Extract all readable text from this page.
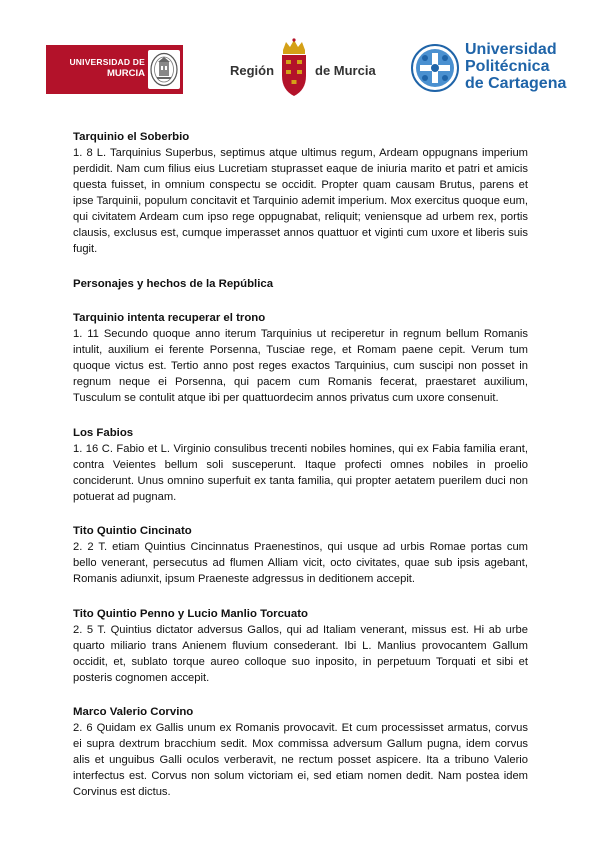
UNIVERSIDAD DE
MURCIA	Región	de Murcia
Universidad
Politécnica
de Cartagena

Tarquinio el Soberbio

1. 8 L. Tarquinius Superbus, septimus atque ultimus regum, Ardeam oppugnans imperium perdidit. Nam cum filius eius Lucretiam stuprasset eaque de iniuria marito et patri et amicis questa fuisset, in omnium conspectu se occidit. Propter quam causam Brutus, parens et ipse Tarquinii, populum concitavit et Tarquinio ademit imperium. Mox exercitus quoque eum, qui civitatem Ardeam cum ipso rege oppugnabat, reliquit; veniensque ad urbem rex, portis clausis, exclusus est, cumque imperasset annos quattuor et viginti cum uxore et liberis suis fugit.

Personajes y hechos de la República

Tarquinio intenta recuperar el trono

1. 11 Secundo quoque anno iterum Tarquinius ut reciperetur in regnum bellum Romanis intulit, auxilium ei ferente Porsenna, Tusciae rege, et Romam paene cepit. Verum tum quoque victus est. Tertio anno post reges exactos Tarquinius, cum suscipi non posset in regnum neque ei Porsenna, qui pacem cum Romanis fecerat, praestaret auxilium, Tusculum se contulit atque ibi per quattuordecim annos privatus cum uxore consenuit.

Los Fabios

1. 16 C. Fabio et L. Virginio consulibus trecenti nobiles homines, qui ex Fabia familia erant, contra Veientes bellum soli susceperunt. Itaque profecti omnes nobiles in proelio conciderunt. Unus omnino superfuit ex tanta familia, qui propter aetatem puerilem duci non potuerat ad pugnam.

Tito Quintio Cincinato

2. 2 T. etiam Quintius Cincinnatus Praenestinos, qui usque ad urbis Romae portas cum bello venerant, persecutus ad flumen Alliam vicit, octo civitates, quae sub ipsis agebant, Romanis adiunxit, ipsum Praeneste adgressus in deditionem accepit.

Tito Quintio Penno y Lucio Manlio Torcuato

2. 5 T. Quintius dictator adversus Gallos, qui ad Italiam venerant, missus est. Hi ab urbe quarto miliario trans Anienem fluvium consederant. Ibi L. Manlius provocantem Gallum occidit, et, sublato torque aureo colloque suo inposito, in perpetuum Torquati et sibi et posteris cognomen accepit.

Marco Valerio Corvino

2. 6 Quidam ex Gallis unum ex Romanis provocavit. Et cum processisset armatus, corvus ei supra dextrum bracchium sedit. Mox commissa adversum Gallum pugna, idem corvus alis et unguibus Galli oculos verberavit, ne rectum posset aspicere. Ita a tribuno Valerio interfectus est. Corvus non solum victoriam ei, sed etiam nomen dedit. Nam postea idem Corvinus est dictus.
